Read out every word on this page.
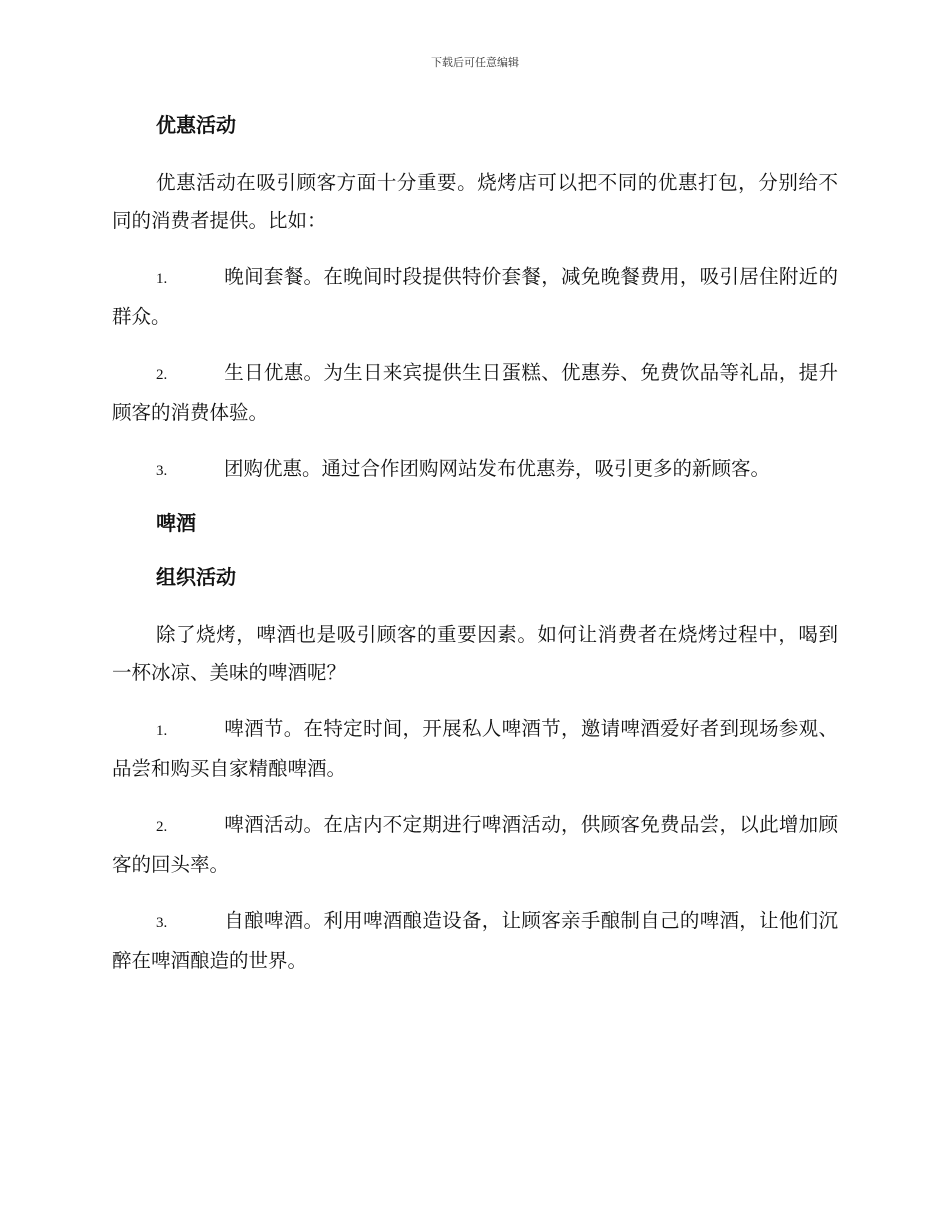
下载后可任意编辑
优惠活动

优惠活动在吸引顾客方面十分重要。烧烤店可以把不同的优惠打包，分别给不同的消费者提供。比如：

1.	晚间套餐。在晚间时段提供特价套餐，减免晚餐费用，吸引居住附近的群众。

2.	生日优惠。为生日来宾提供生日蛋糕、优惠券、免费饮品等礼品，提升顾客的消费体验。

3.	团购优惠。通过合作团购网站发布优惠券，吸引更多的新顾客。

啤酒
组织活动

除了烧烤，啤酒也是吸引顾客的重要因素。如何让消费者在烧烤过程中，喝到一杯冰凉、美味的啤酒呢？

1.	啤酒节。在特定时间，开展私人啤酒节，邀请啤酒爱好者到现场参观、品尝和购买自家精酿啤酒。

2.	啤酒活动。在店内不定期进行啤酒活动，供顾客免费品尝，以此增加顾客的回头率。

3.	自酿啤酒。利用啤酒酿造设备，让顾客亲手酿制自己的啤酒，让他们沉醉在啤酒酿造的世界。
